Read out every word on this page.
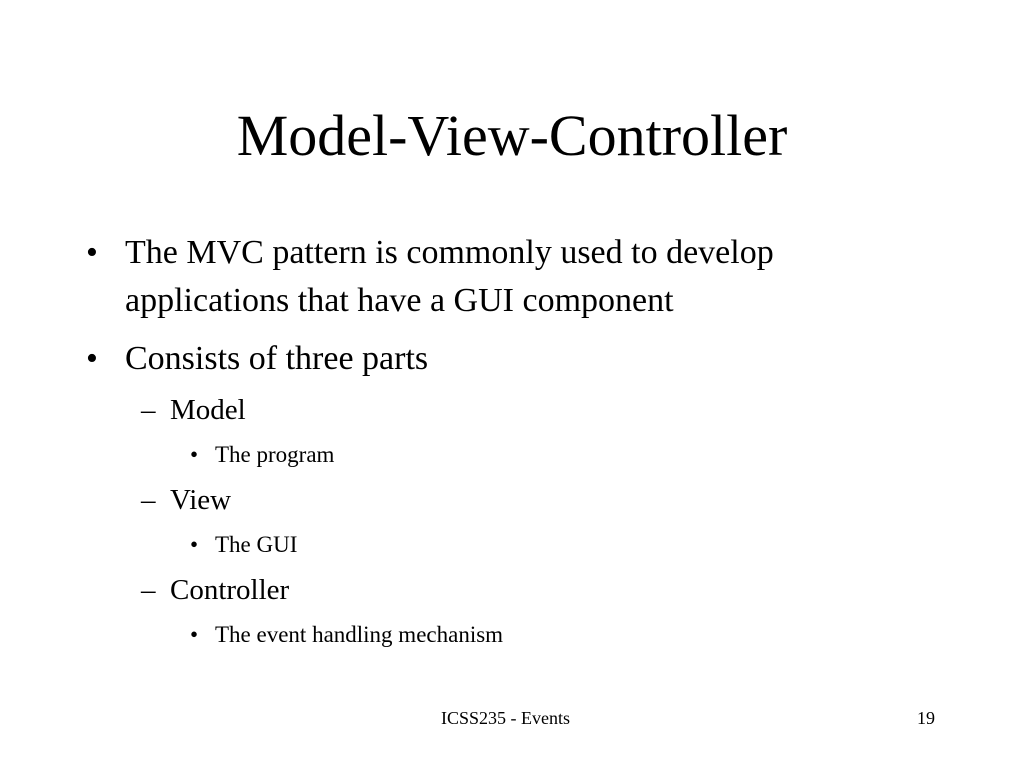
Model-View-Controller
• The MVC pattern is commonly used to develop
applications that have a GUI component
• Consists of three parts
– Model
• The program
– View
• The GUI
– Controller
• The event handling mechanism
ICSS235 - Events	19
